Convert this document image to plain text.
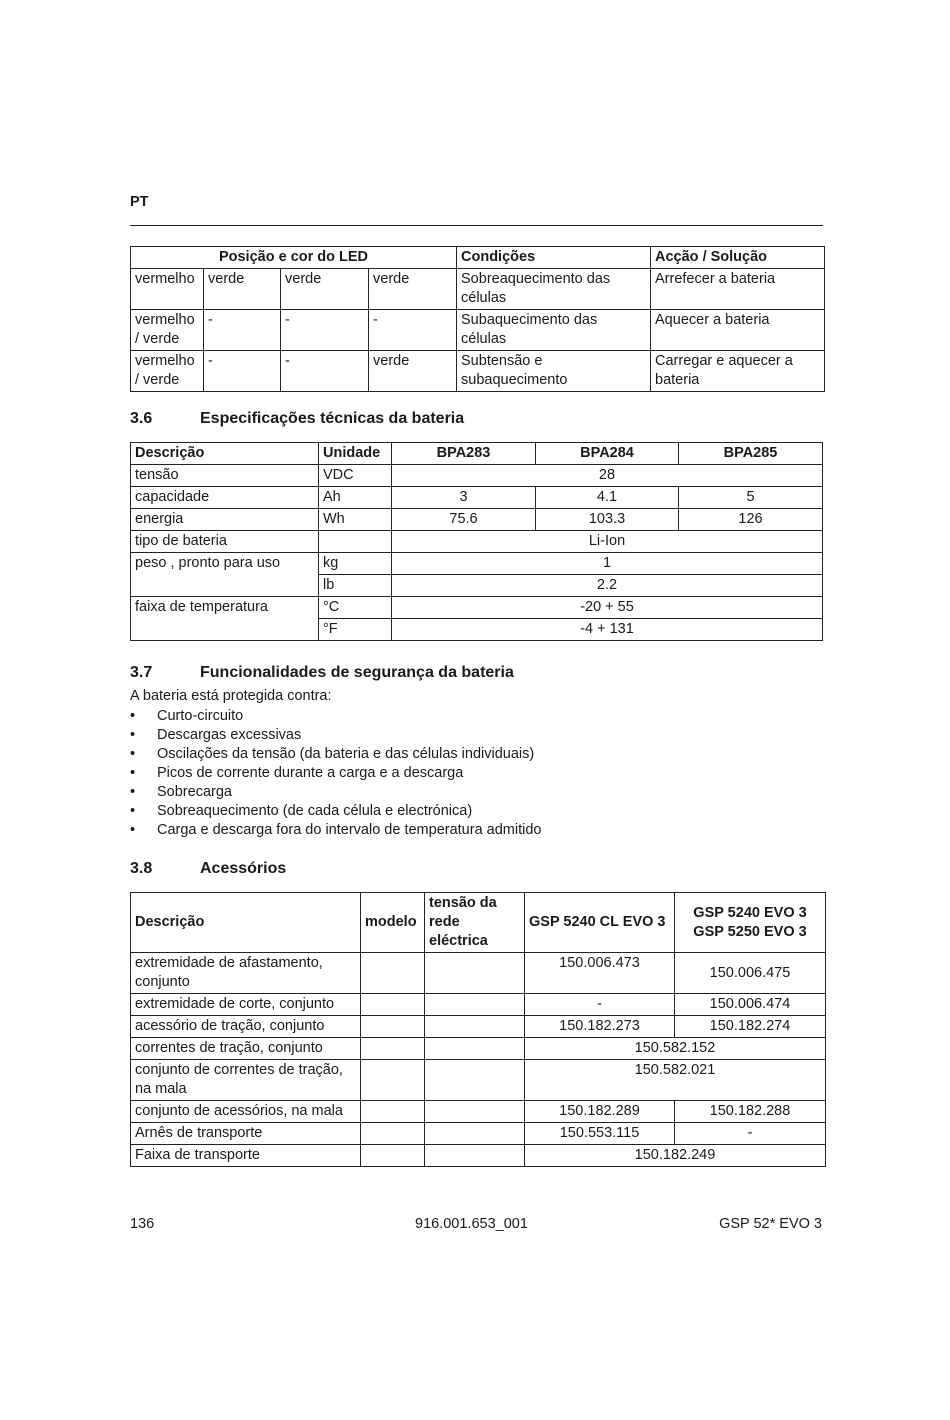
PT
Posição e cor do LED				Condições	Acção / Solução
vermelho	verde	verde	verde	Sobreaquecimento das células	Arrefecer a bateria
vermelho / verde	-	-	-	Subaquecimento das células	Aquecer a bateria
vermelho / verde	-	-	verde	Subtensão e subaquecimento	Carregar e aquecer a bateria
3.6	Especificações técnicas da bateria
Descrição	Unidade	BPA283	BPA284	BPA285
tensão	VDC	28		
capacidade	Ah	3	4.1	5
energia	Wh	75.6	103.3	126
tipo de bateria		Li-Ion		
peso , pronto para uso	kg	1		
	lb	2.2		
faixa de temperatura	°C	-20 + 55		
	°F	-4 + 131		
3.7	Funcionalidades de segurança da bateria
A bateria está protegida contra:
• Curto-circuito
• Descargas excessivas
• Oscilações da tensão (da bateria e das células individuais)
• Picos de corrente durante a carga e a descarga
• Sobrecarga
• Sobreaquecimento (de cada célula e electrónica)
• Carga e descarga fora do intervalo de temperatura admitido
3.8	Acessórios
Descrição	modelo	tensão da rede eléctrica	GSP 5240 CL EVO 3	GSP 5240 EVO 3
GSP 5250 EVO 3
extremidade de afastamento, conjunto			150.006.473	150.006.475
extremidade de corte, conjunto			-	150.006.474
acessório de tração, conjunto			150.182.273	150.182.274
correntes de tração, conjunto			150.582.152	
conjunto de correntes de tração, na mala			150.582.021	
conjunto de acessórios, na mala			150.182.289	150.182.288
Arnês de transporte			150.553.115	-
Faixa de transporte			150.182.249	
136	916.001.653_001	GSP 52* EVO 3
